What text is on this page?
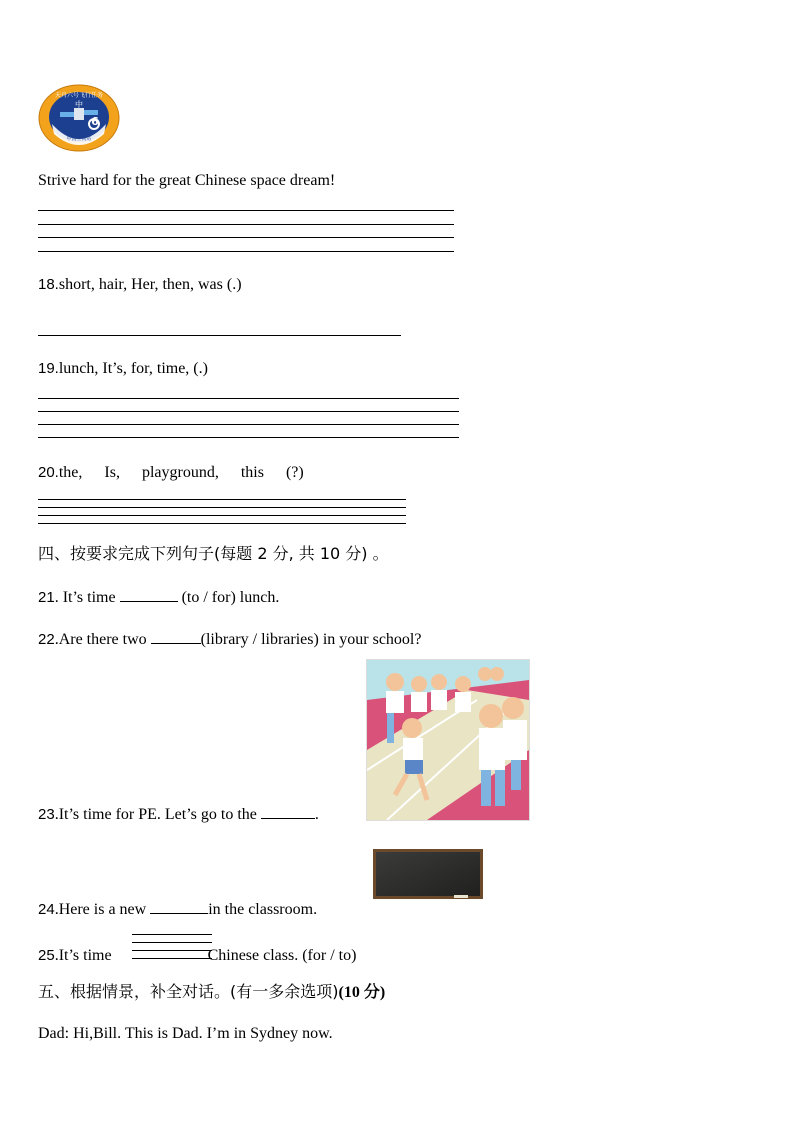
天舟六号飞行任务
中
6
中国空间站
Strive hard for the great Chinese space dream!
18.short, hair, Her, then, was (.)
19.lunch, It’s, for, time, (.)
20.the, Is, playground, this (?)
四、按要求完成下列句子(每题 2 分, 共 10 分) 。
21. It’s time	(to / for) lunch.
22.Are there two	(library / libraries) in your school?
23.It’s time for PE. Let’s go to the	.
24.Here is a new	in the classroom.
25.It’s time	Chinese class. (for / to)
五、根据情景，补全对话。(有一多余选项)(10 分)
Dad: Hi,Bill. This is Dad. I’m in Sydney now.
